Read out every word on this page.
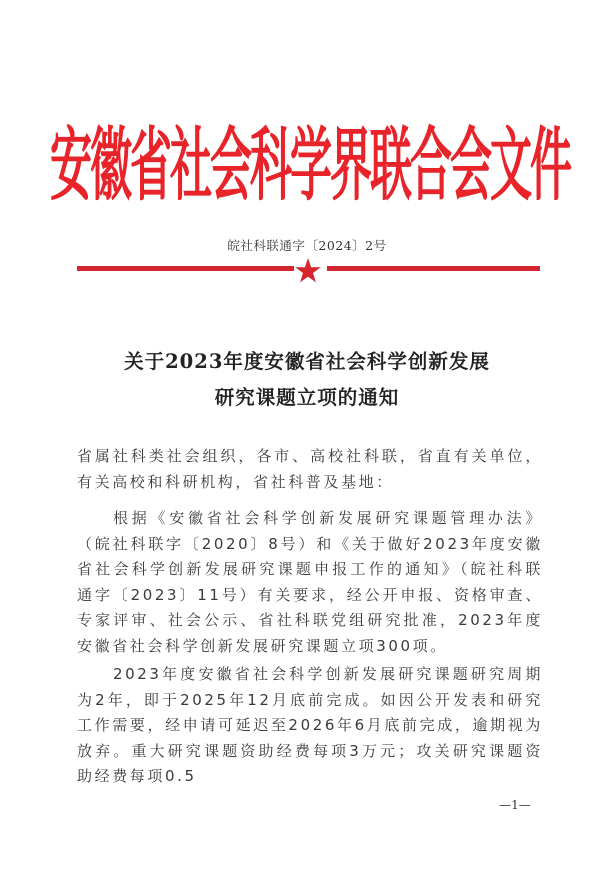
安徽省社会科学界联合会文件
皖社科联通字〔2024〕2号
关于2023年度安徽省社会科学创新发展
研究课题立项的通知
省属社科类社会组织，各市、高校社科联，省直有关单位，有关高校和科研机构，省社科普及基地：
根据《安徽省社会科学创新发展研究课题管理办法》（皖社科联字〔2020〕8号）和《关于做好2023年度安徽省社会科学创新发展研究课题申报工作的通知》（皖社科联通字〔2023〕11号）有关要求，经公开申报、资格审查、专家评审、社会公示、省社科联党组研究批准，2023年度安徽省社会科学创新发展研究课题立项300项。
2023年度安徽省社会科学创新发展研究课题研究周期为2年，即于2025年12月底前完成。如因公开发表和研究工作需要，经申请可延迟至2026年6月底前完成，逾期视为放弃。重大研究课题资助经费每项3万元；攻关研究课题资助经费每项0.5
—1—
